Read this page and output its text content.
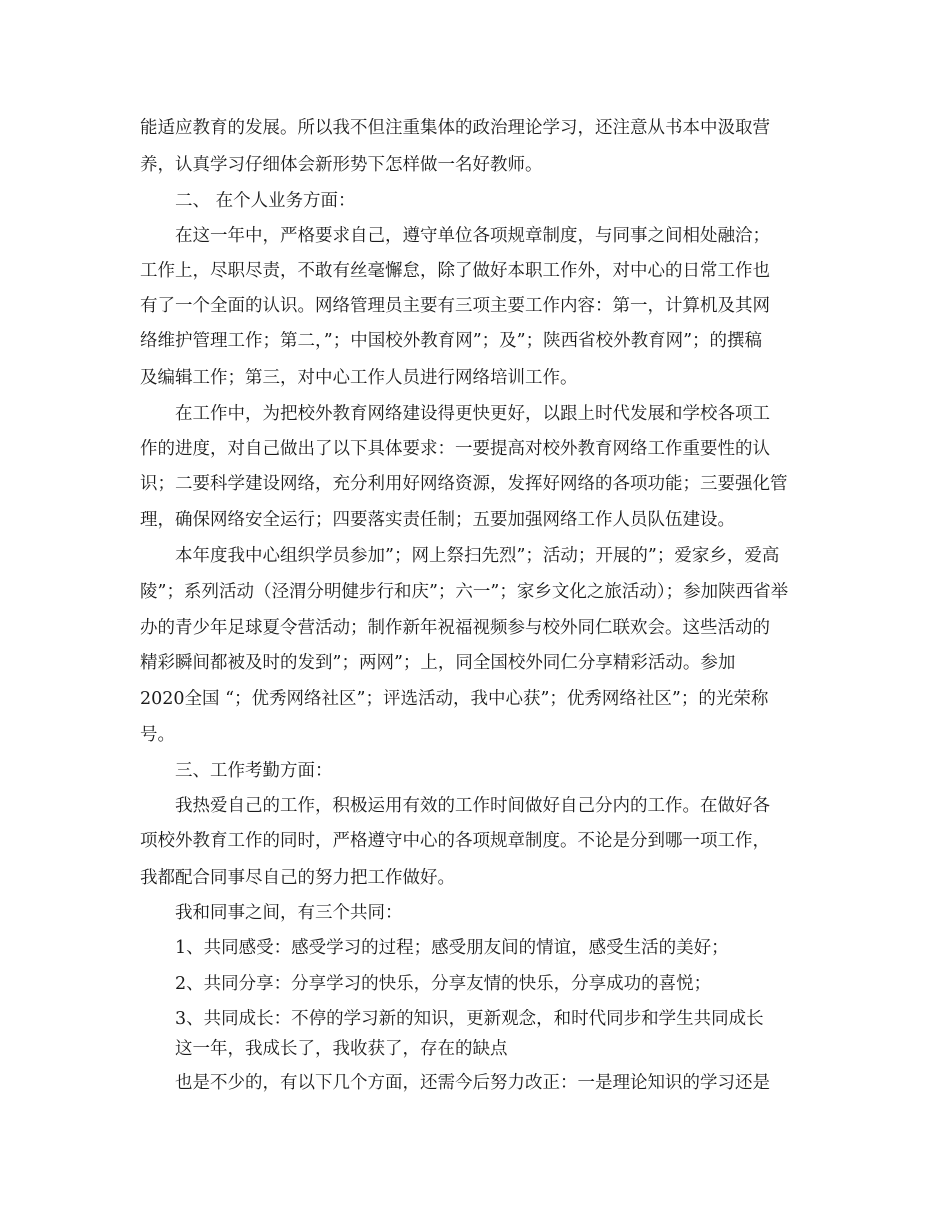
能适应教育的发展。所以我不但注重集体的政治理论学习，还注意从书本中汲取营
养，认真学习仔细体会新形势下怎样做一名好教师。
二、 在个人业务方面：
在这一年中，严格要求自己，遵守单位各项规章制度，与同事之间相处融洽；
工作上，尽职尽责，不敢有丝毫懈怠，除了做好本职工作外，对中心的日常工作也
有了一个全面的认识。网络管理员主要有三项主要工作内容：第一，计算机及其网
络维护管理工作；第二，”；中国校外教育网”；及”；陕西省校外教育网”；的撰稿
及编辑工作；第三，对中心工作人员进行网络培训工作。
在工作中，为把校外教育网络建设得更快更好，以跟上时代发展和学校各项工
作的进度，对自己做出了以下具体要求：一要提高对校外教育网络工作重要性的认
识；二要科学建设网络，充分利用好网络资源，发挥好网络的各项功能；三要强化管
理，确保网络安全运行；四要落实责任制；五要加强网络工作人员队伍建设。
本年度我中心组织学员参加”；网上祭扫先烈”；活动；开展的”；爱家乡，爱高
陵”；系列活动（泾渭分明健步行和庆”；六一”；家乡文化之旅活动）；参加陕西省举
办的青少年足球夏令营活动；制作新年祝福视频参与校外同仁联欢会。这些活动的
精彩瞬间都被及时的发到”；两网”；上，同全国校外同仁分享精彩活动。参加
2020全国 “；优秀网络社区”；评选活动，我中心获”；优秀网络社区”；的光荣称
号。
三、工作考勤方面：
我热爱自己的工作，积极运用有效的工作时间做好自己分内的工作。在做好各
项校外教育工作的同时，严格遵守中心的各项规章制度。不论是分到哪一项工作，
我都配合同事尽自己的努力把工作做好。
我和同事之间，有三个共同：
1、共同感受：感受学习的过程；感受朋友间的情谊，感受生活的美好；
2、共同分享：分享学习的快乐，分享友情的快乐，分享成功的喜悦；
3、共同成长：不停的学习新的知识，更新观念，和时代同步和学生共同成长
这一年，我成长了，我收获了，存在的缺点
也是不少的，有以下几个方面，还需今后努力改正：一是理论知识的学习还是
